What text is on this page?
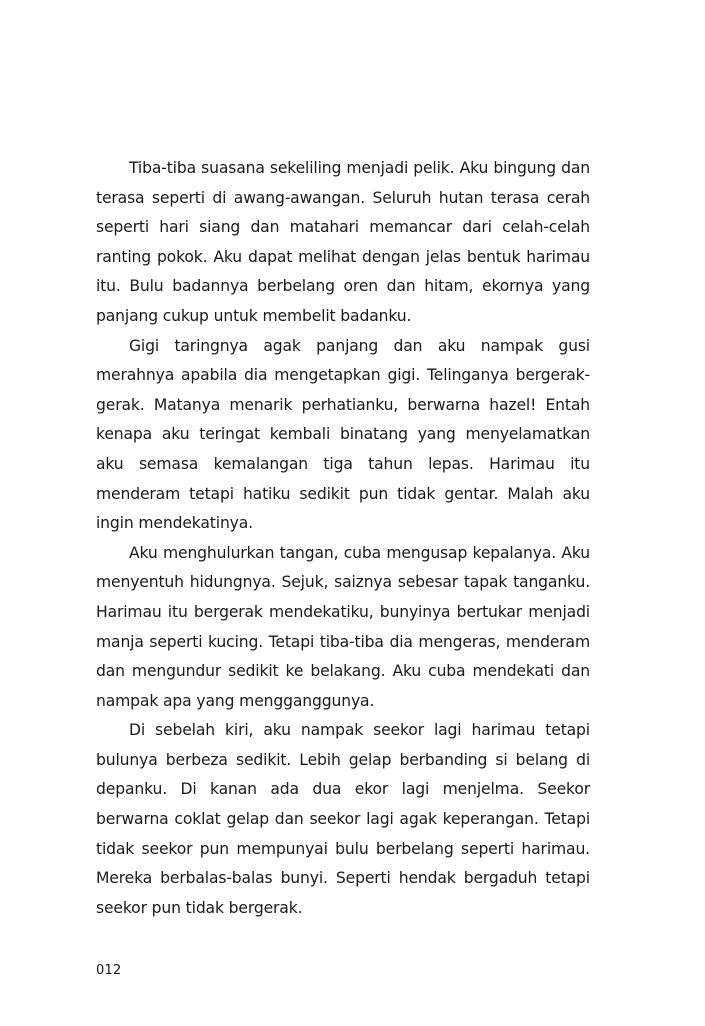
Tiba-tiba suasana sekeliling menjadi pelik. Aku bingung dan terasa seperti di awang-awangan. Seluruh hutan terasa cerah seperti hari siang dan matahari memancar dari celah-celah ranting pokok. Aku dapat melihat dengan jelas bentuk harimau itu. Bulu badannya berbelang oren dan hitam, ekornya yang panjang cukup untuk membelit badanku.

Gigi taringnya agak panjang dan aku nampak gusi merahnya apabila dia mengetapkan gigi. Telinganya bergerak-gerak. Matanya menarik perhatianku, berwarna hazel! Entah kenapa aku teringat kembali binatang yang menyelamatkan aku semasa kemalangan tiga tahun lepas. Harimau itu menderam tetapi hatiku sedikit pun tidak gentar. Malah aku ingin mendekatinya.

Aku menghulurkan tangan, cuba mengusap kepalanya. Aku menyentuh hidungnya. Sejuk, saiznya sebesar tapak tanganku. Harimau itu bergerak mendekatiku, bunyinya bertukar menjadi manja seperti kucing. Tetapi tiba-tiba dia mengeras, menderam dan mengundur sedikit ke belakang. Aku cuba mendekati dan nampak apa yang mengganggunya.

Di sebelah kiri, aku nampak seekor lagi harimau tetapi bulunya berbeza sedikit. Lebih gelap berbanding si belang di depanku. Di kanan ada dua ekor lagi menjelma. Seekor berwarna coklat gelap dan seekor lagi agak keperangan. Tetapi tidak seekor pun mempunyai bulu berbelang seperti harimau. Mereka berbalas-balas bunyi. Seperti hendak bergaduh tetapi seekor pun tidak bergerak.

012
